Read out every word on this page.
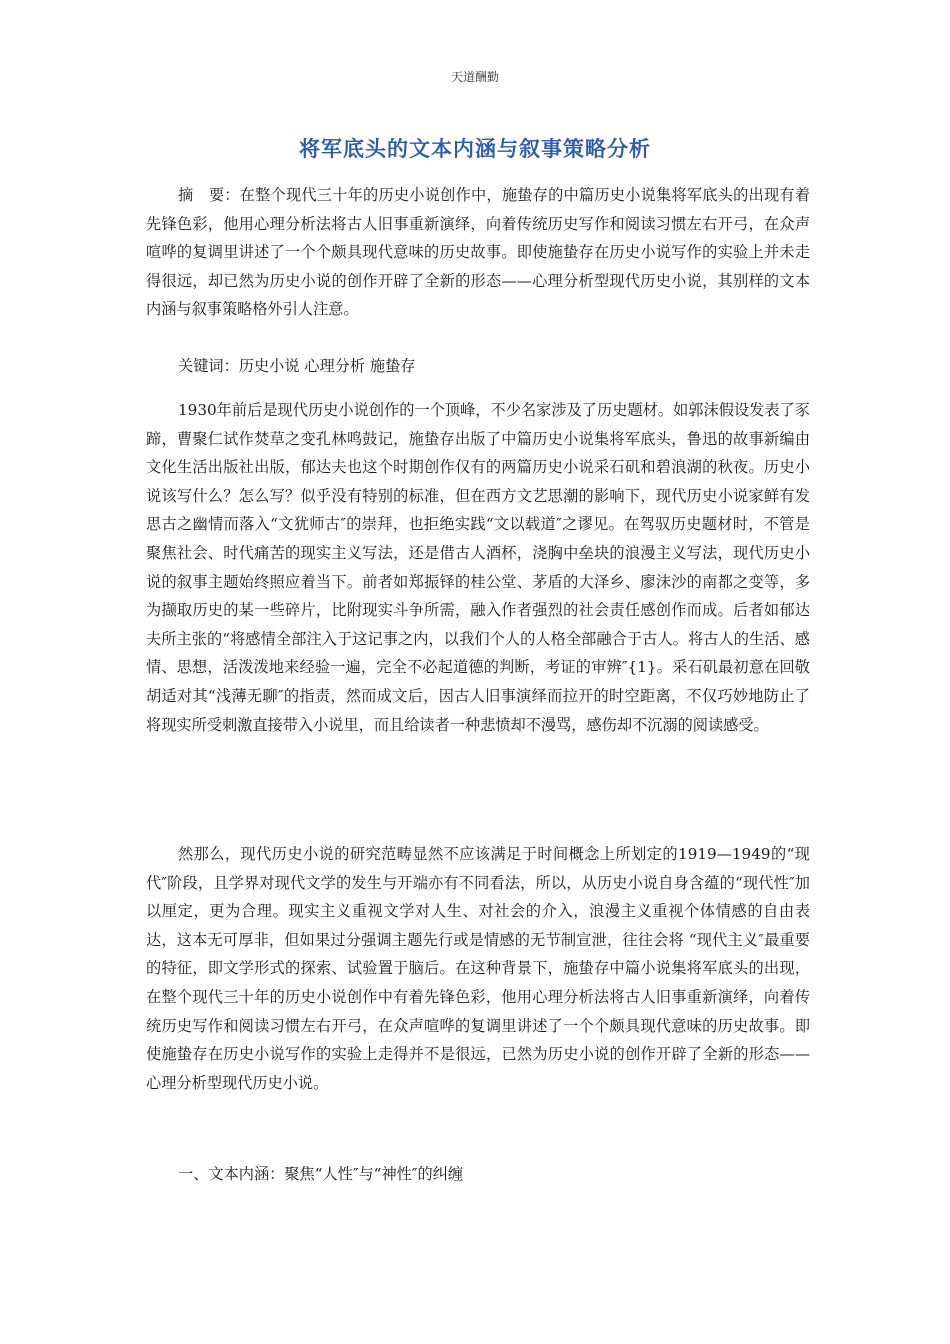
天道酬勤
将军底头的文本内涵与叙事策略分析
摘　要：在整个现代三十年的历史小说创作中，施蛰存的中篇历史小说集将军底头的出现有着先锋色彩，他用心理分析法将古人旧事重新演绎，向着传统历史写作和阅读习惯左右开弓，在众声喧哗的复调里讲述了一个个颇具现代意味的历史故事。即使施蛰存在历史小说写作的实验上并未走得很远，却已然为历史小说的创作开辟了全新的形态——心理分析型现代历史小说，其别样的文本内涵与叙事策略格外引人注意。
关键词：历史小说 心理分析 施蛰存
1930年前后是现代历史小说创作的一个顶峰，不少名家涉及了历史题材。如郭沫假设发表了豕蹄，曹聚仁试作焚草之变孔林鸣鼓记，施蛰存出版了中篇历史小说集将军底头，鲁迅的故事新编由文化生活出版社出版，郁达夫也这个时期创作仅有的两篇历史小说采石矶和碧浪湖的秋夜。历史小说该写什么？怎么写？似乎没有特别的标准，但在西方文艺思潮的影响下，现代历史小说家鲜有发思古之幽情而落入“文犹师古″的崇拜，也拒绝实践“文以载道″之谬见。在驾驭历史题材时，不管是聚焦社会、时代痛苦的现实主义写法，还是借古人酒杯，浇胸中垒块的浪漫主义写法，现代历史小说的叙事主题始终照应着当下。前者如郑振铎的桂公堂、茅盾的大泽乡、廖沫沙的南都之变等，多为撷取历史的某一些碎片，比附现实斗争所需，融入作者强烈的社会责任感创作而成。后者如郁达夫所主张的“将感情全部注入于这记事之内，以我们个人的人格全部融合于古人。将古人的生活、感情、思想，活泼泼地来经验一遍，完全不必起道德的判断，考证的审辨″{1}。采石矶最初意在回敬胡适对其“浅薄无聊″的指责，然而成文后，因古人旧事演绎而拉开的时空距离，不仅巧妙地防止了将现实所受刺激直接带入小说里，而且给读者一种悲愤却不漫骂，感伤却不沉溺的阅读感受。
然那么，现代历史小说的研究范畴显然不应该满足于时间概念上所划定的1919—1949的“现代″阶段，且学界对现代文学的发生与开端亦有不同看法，所以，从历史小说自身含蕴的“现代性″加以厘定，更为合理。现实主义重视文学对人生、对社会的介入，浪漫主义重视个体情感的自由表达，这本无可厚非，但如果过分强调主题先行或是情感的无节制宣泄，往往会将 “现代主义″最重要的特征，即文学形式的探索、试验置于脑后。在这种背景下，施蛰存中篇小说集将军底头的出现，在整个现代三十年的历史小说创作中有着先锋色彩，他用心理分析法将古人旧事重新演绎，向着传统历史写作和阅读习惯左右开弓，在众声喧哗的复调里讲述了一个个颇具现代意味的历史故事。即使施蛰存在历史小说写作的实验上走得并不是很远，已然为历史小说的创作开辟了全新的形态——心理分析型现代历史小说。
一、文本内涵：聚焦“人性″与“神性″的纠缠
